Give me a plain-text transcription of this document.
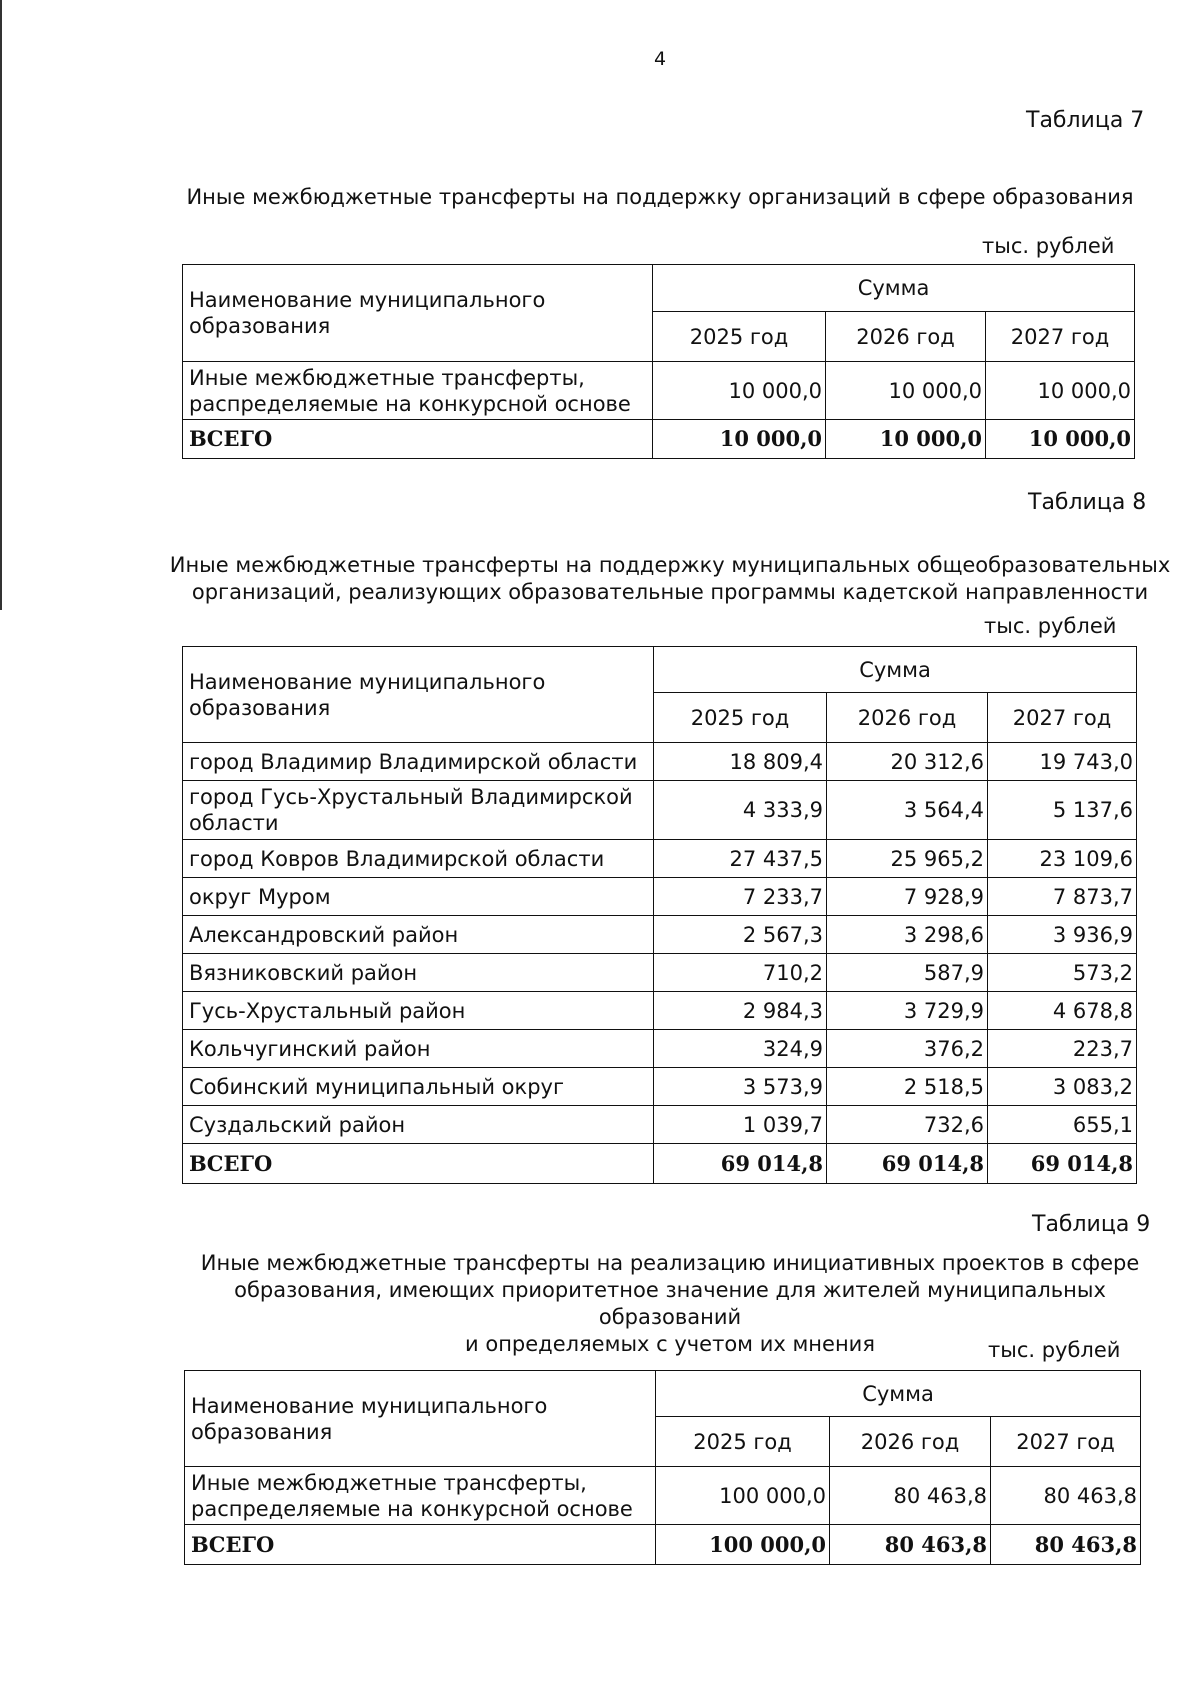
4
Таблица 7
Иные межбюджетные трансферты на поддержку организаций в сфере образования
тыс. рублей
Наименование муниципального образования	Сумма		
	2025 год	2026 год	2027 год

Иные межбюджетные трансферты,
распределяемые на конкурсной основе	10 000,0	10 000,0	10 000,0
ВСЕГО	10 000,0	10 000,0	10 000,0
Таблица 8
Иные межбюджетные трансферты на поддержку муниципальных общеобразовательных
организаций, реализующих образовательные программы кадетской направленности
тыс. рублей
Наименование муниципального образования	Сумма		
	2025 год	2026 год	2027 год
город Владимир Владимирской области	18 809,4	20 312,6	19 743,0

город Гусь-Хрустальный Владимирской
области	4 333,9	3 564,4	5 137,6
город Ковров Владимирской области	27 437,5	25 965,2	23 109,6
округ Муром	7 233,7	7 928,9	7 873,7
Александровский район	2 567,3	3 298,6	3 936,9
Вязниковский район	710,2	587,9	573,2
Гусь-Хрустальный район	2 984,3	3 729,9	4 678,8
Кольчугинский район	324,9	376,2	223,7
Собинский муниципальный округ	3 573,9	2 518,5	3 083,2
Суздальский район	1 039,7	732,6	655,1
ВСЕГО	69 014,8	69 014,8	69 014,8
Таблица 9
Иные межбюджетные трансферты на реализацию инициативных проектов в сфере
образования, имеющих приоритетное значение для жителей муниципальных образований
и определяемых с учетом их мнения	тыс. рублей
Наименование муниципального образования	Сумма		
	2025 год	2026 год	2027 год

Иные межбюджетные трансферты,
распределяемые на конкурсной основе	100 000,0	80 463,8	80 463,8
ВСЕГО	100 000,0	80 463,8	80 463,8
